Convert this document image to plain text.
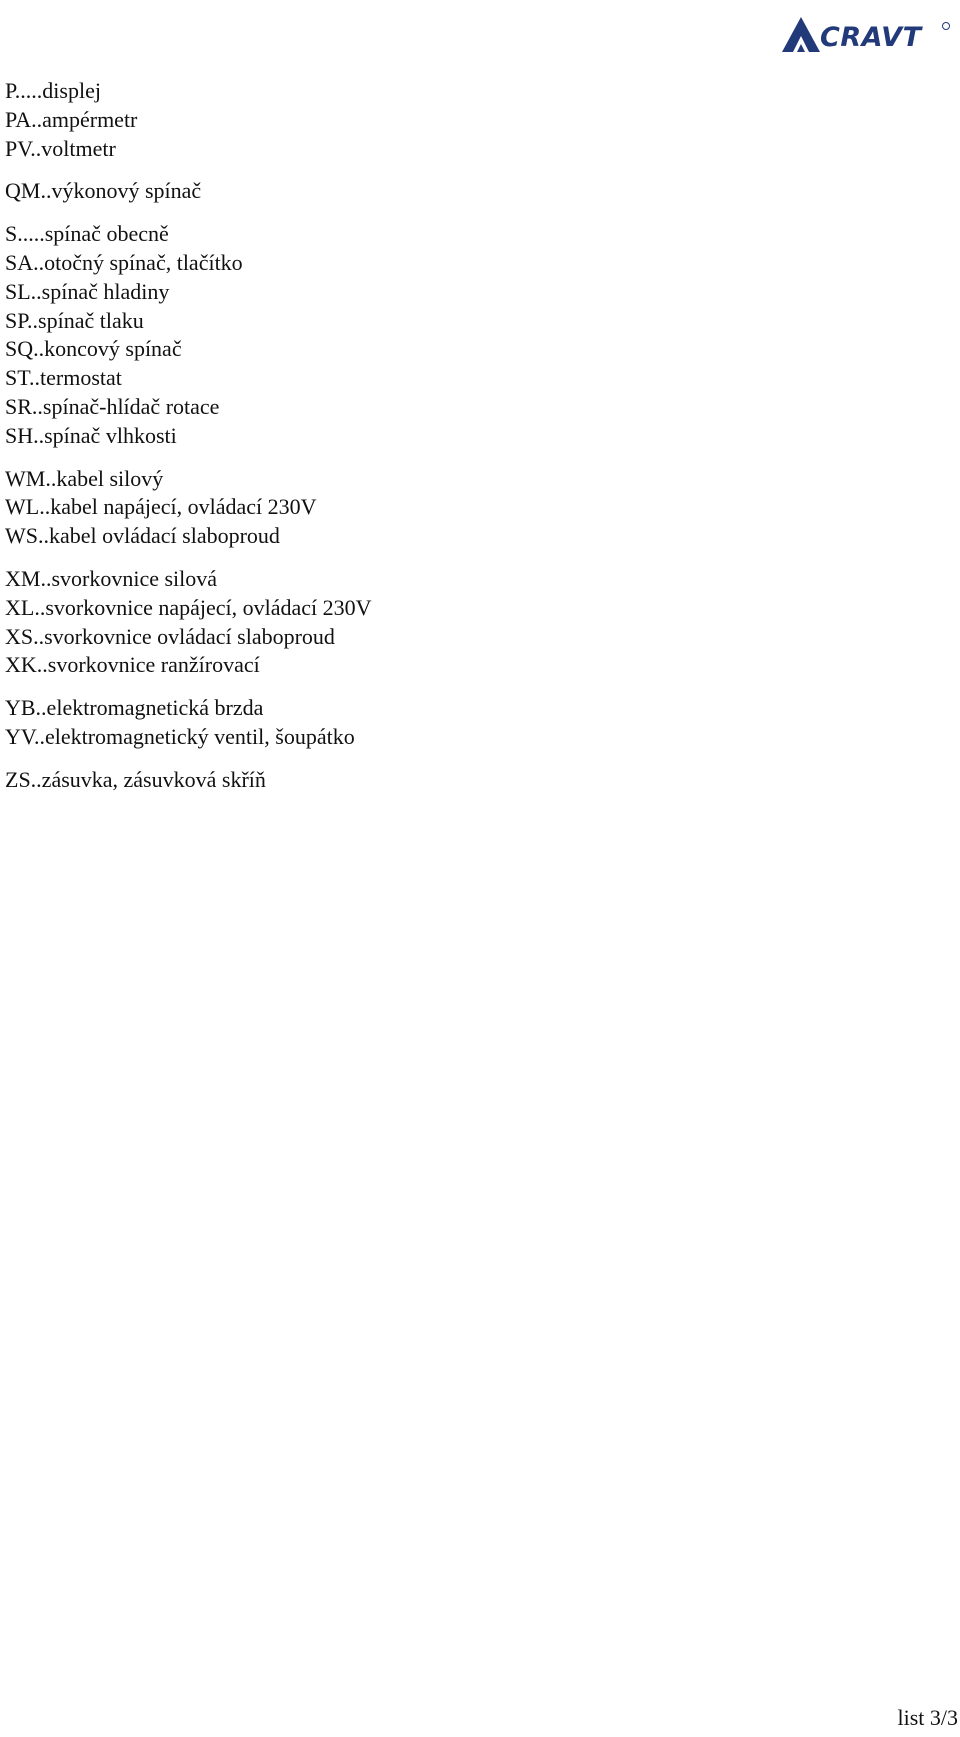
CRAVT
P.....displej
PA..ampérmetr
PV..voltmetr
QM..výkonový spínač
S.....spínač obecně
SA..otočný spínač, tlačítko
SL..spínač hladiny
SP..spínač tlaku
SQ..koncový spínač
ST..termostat
SR..spínač-hlídač rotace
SH..spínač vlhkosti
WM..kabel silový
WL..kabel napájecí, ovládací 230V
WS..kabel ovládací slaboproud
XM..svorkovnice silová
XL..svorkovnice napájecí, ovládací 230V
XS..svorkovnice ovládací slaboproud
XK..svorkovnice ranžírovací
YB..elektromagnetická brzda
YV..elektromagnetický ventil, šoupátko
ZS..zásuvka, zásuvková skříň
list 3/3
